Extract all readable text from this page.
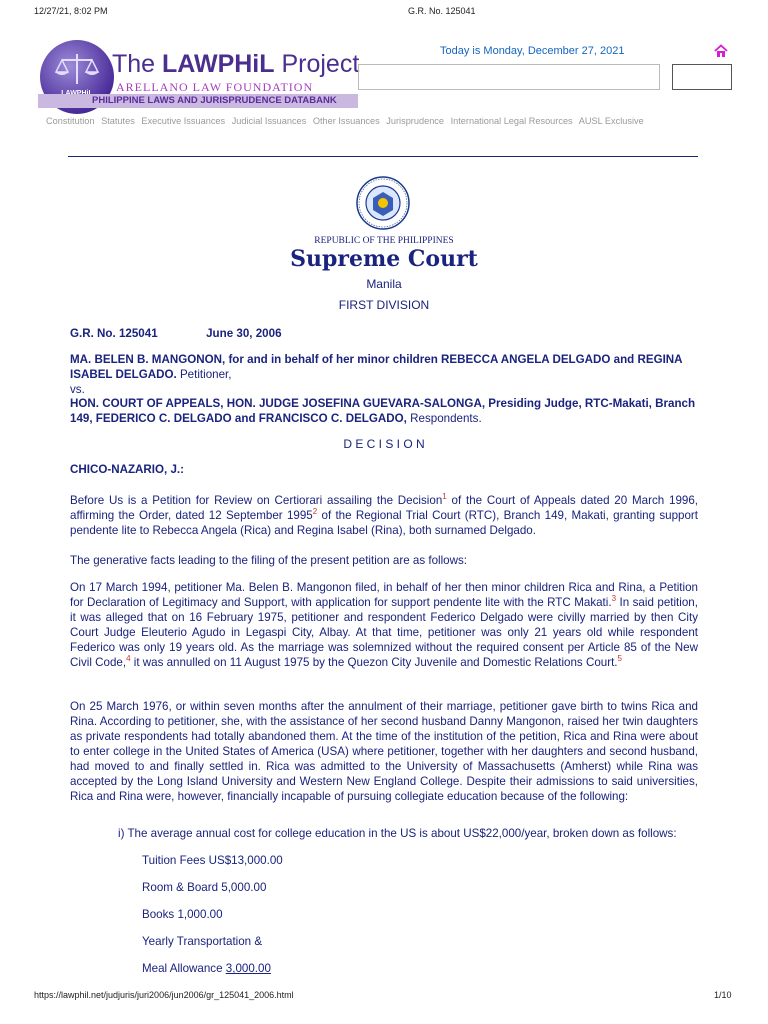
12/27/21, 8:02 PM	G.R. No. 125041
PHILIPPINE LAWS AND JURISPRUDENCE DATABANK
The LAWPHiL Project
ARELLANO LAW FOUNDATION
Today is Monday, December 27, 2021
Constitution Statutes Executive Issuances Judicial Issuances Other Issuances Jurisprudence International Legal Resources AUSL Exclusive
REPUBLIC OF THE PHILIPPINES
Supreme Court
Manila
FIRST DIVISION
G.R. No. 125041	June 30, 2006
MA. BELEN B. MANGONON, for and in behalf of her minor children REBECCA ANGELA DELGADO and REGINA ISABEL DELGADO. Petitioner,
vs.
HON. COURT OF APPEALS, HON. JUDGE JOSEFINA GUEVARA-SALONGA, Presiding Judge, RTC-Makati, Branch 149, FEDERICO C. DELGADO and FRANCISCO C. DELGADO, Respondents.
D E C I S I O N
CHICO-NAZARIO, J.:
Before Us is a Petition for Review on Certiorari assailing the Decision$^1$ of the Court of Appeals dated 20 March 1996, affirming the Order, dated 12 September 1995$^2$ of the Regional Trial Court (RTC), Branch 149, Makati, granting support pendente lite to Rebecca Angela (Rica) and Regina Isabel (Rina), both surnamed Delgado.
The generative facts leading to the filing of the present petition are as follows:
On 17 March 1994, petitioner Ma. Belen B. Mangonon filed, in behalf of her then minor children Rica and Rina, a Petition for Declaration of Legitimacy and Support, with application for support pendente lite with the RTC Makati.$^3$ In said petition, it was alleged that on 16 February 1975, petitioner and respondent Federico Delgado were civilly married by then City Court Judge Eleuterio Agudo in Legaspi City, Albay. At that time, petitioner was only 21 years old while respondent Federico was only 19 years old. As the marriage was solemnized without the required consent per Article 85 of the New Civil Code,$^4$ it was annulled on 11 August 1975 by the Quezon City Juvenile and Domestic Relations Court.$^5$
On 25 March 1976, or within seven months after the annulment of their marriage, petitioner gave birth to twins Rica and Rina. According to petitioner, she, with the assistance of her second husband Danny Mangonon, raised her twin daughters as private respondents had totally abandoned them. At the time of the institution of the petition, Rica and Rina were about to enter college in the United States of America (USA) where petitioner, together with her daughters and second husband, had moved to and finally settled in. Rica was admitted to the University of Massachusetts (Amherst) while Rina was accepted by the Long Island University and Western New England College. Despite their admissions to said universities, Rica and Rina were, however, financially incapable of pursuing collegiate education because of the following:
i) The average annual cost for college education in the US is about US$22,000/year, broken down as follows:
Tuition Fees US$13,000.00
Room & Board 5,000.00
Books 1,000.00
Yearly Transportation &
Meal Allowance 3,000.00
https://lawphil.net/judjuris/juri2006/jun2006/gr_125041_2006.html	1/10
